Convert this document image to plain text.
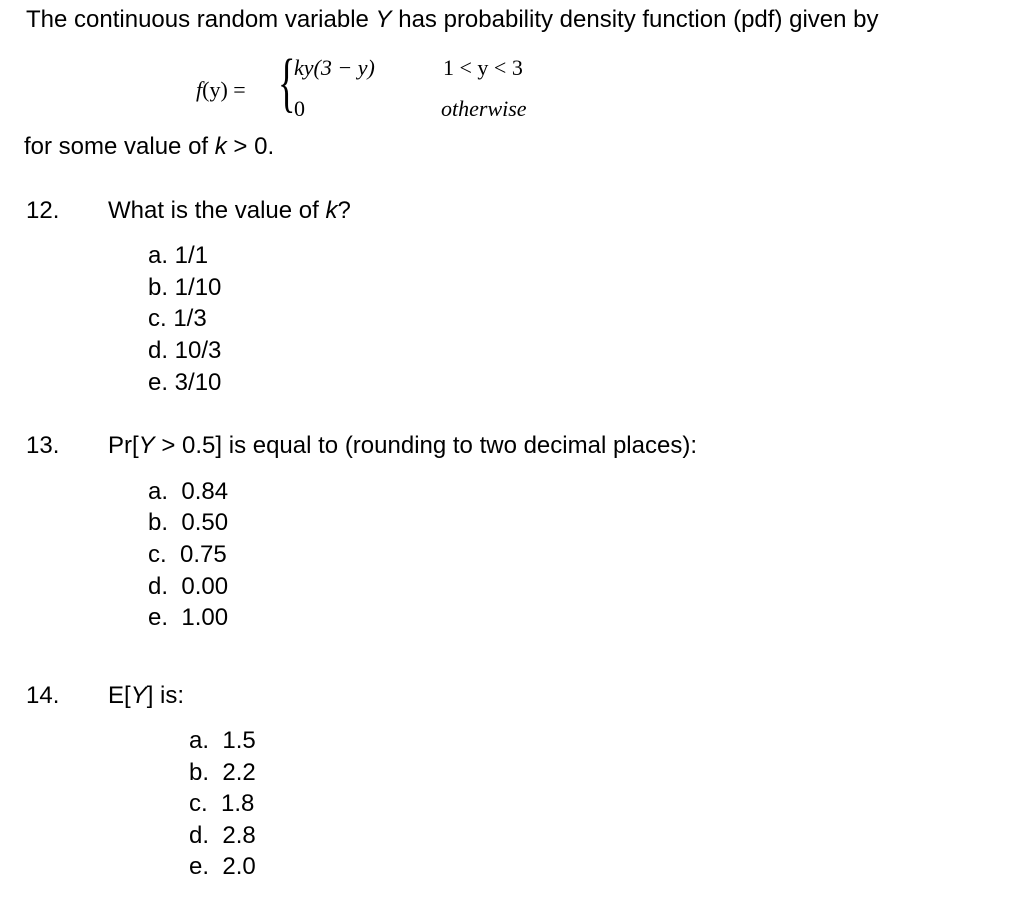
The continuous random variable Y has probability density function (pdf) given by
f(y) = {
ky(3 − y)	1 < y < 3
0	otherwise
for some value of k > 0.
12. What is the value of k?
a. 1/1
b. 1/10
c. 1/3
d. 10/3
e. 3/10
13. Pr[Y > 0.5] is equal to (rounding to two decimal places):
a.  0.84
b.  0.50
c.  0.75
d.  0.00
e.  1.00
14. E[Y] is:
a.  1.5
b.  2.2
c.  1.8
d.  2.8
e.  2.0
